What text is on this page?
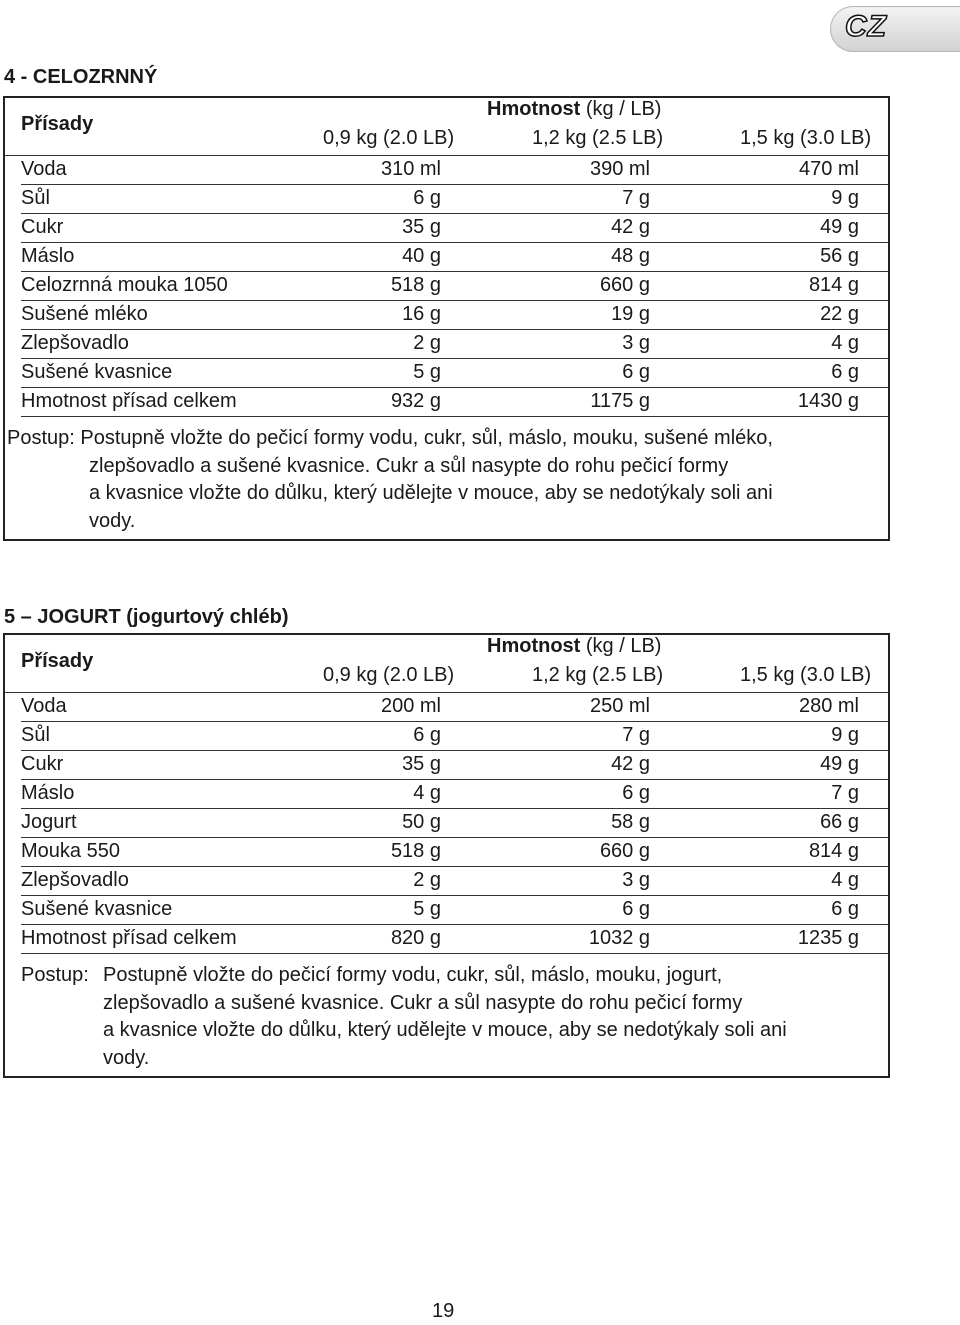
CZ
4 - CELOZRNNÝ
Přísady
Hmotnost (kg / LB)
0,9 kg (2.0 LB)	1,2 kg (2.5 LB)	1,5 kg (3.0 LB)
Voda	310 ml	390 ml	470 ml
Sůl	6 g	7 g	9 g
Cukr	35 g	42 g	49 g
Máslo	40 g	48 g	56 g
Celozrnná mouka 1050	518 g	660 g	814 g
Sušené mléko	16 g	19 g	22 g
Zlepšovadlo	2 g	3 g	4 g
Sušené kvasnice	5 g	6 g	6 g
Hmotnost přísad celkem	932 g	1175 g	1430 g
Postup: Postupně vložte do pečicí formy vodu, cukr, sůl, máslo, mouku, sušené mléko,
zlepšovadlo a sušené kvasnice. Cukr a sůl nasypte do rohu pečicí formy
a kvasnice vložte do důlku, který udělejte v mouce, aby se nedotýkaly soli ani
vody.
5 – JOGURT (jogurtový chléb)
Přísady
Hmotnost (kg / LB)
0,9 kg (2.0 LB)	1,2 kg (2.5 LB)	1,5 kg (3.0 LB)
Voda	200 ml	250 ml	280 ml
Sůl	6 g	7 g	9 g
Cukr	35 g	42 g	49 g
Máslo	4 g	6 g	7 g
Jogurt	50 g	58 g	66 g
Mouka 550	518 g	660 g	814 g
Zlepšovadlo	2 g	3 g	4 g
Sušené kvasnice	5 g	6 g	6 g
Hmotnost přísad celkem	820 g	1032 g	1235 g
Postup: Postupně vložte do pečicí formy vodu, cukr, sůl, máslo, mouku, jogurt,
zlepšovadlo a sušené kvasnice. Cukr a sůl nasypte do rohu pečicí formy
a kvasnice vložte do důlku, který udělejte v mouce, aby se nedotýkaly soli ani
vody.
19
